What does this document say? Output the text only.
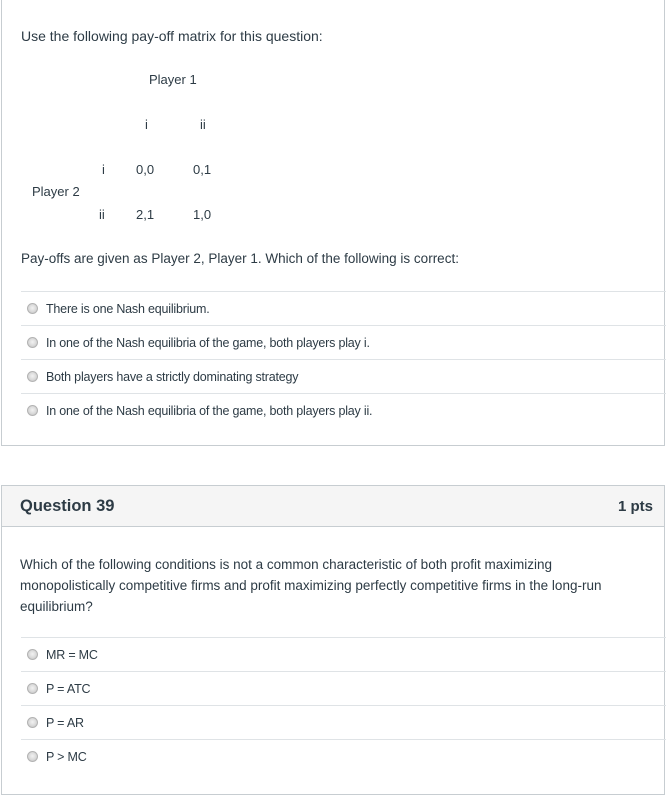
Use the following pay-off matrix for this question:
Player 1
i	ii
i 0,0	0,1
Player 2
ii 2,1	1,0
Pay-offs are given as Player 2, Player 1. Which of the following is correct:
There is one Nash equilibrium.
In one of the Nash equilibria of the game, both players play i.
Both players have a strictly dominating strategy
In one of the Nash equilibria of the game, both players play ii.
Question 39	1 pts
Which of the following conditions is not a common characteristic of both profit maximizing monopolistically competitive firms and profit maximizing perfectly competitive firms in the long-run equilibrium?
MR = MC
P = ATC
P = AR
P > MC
